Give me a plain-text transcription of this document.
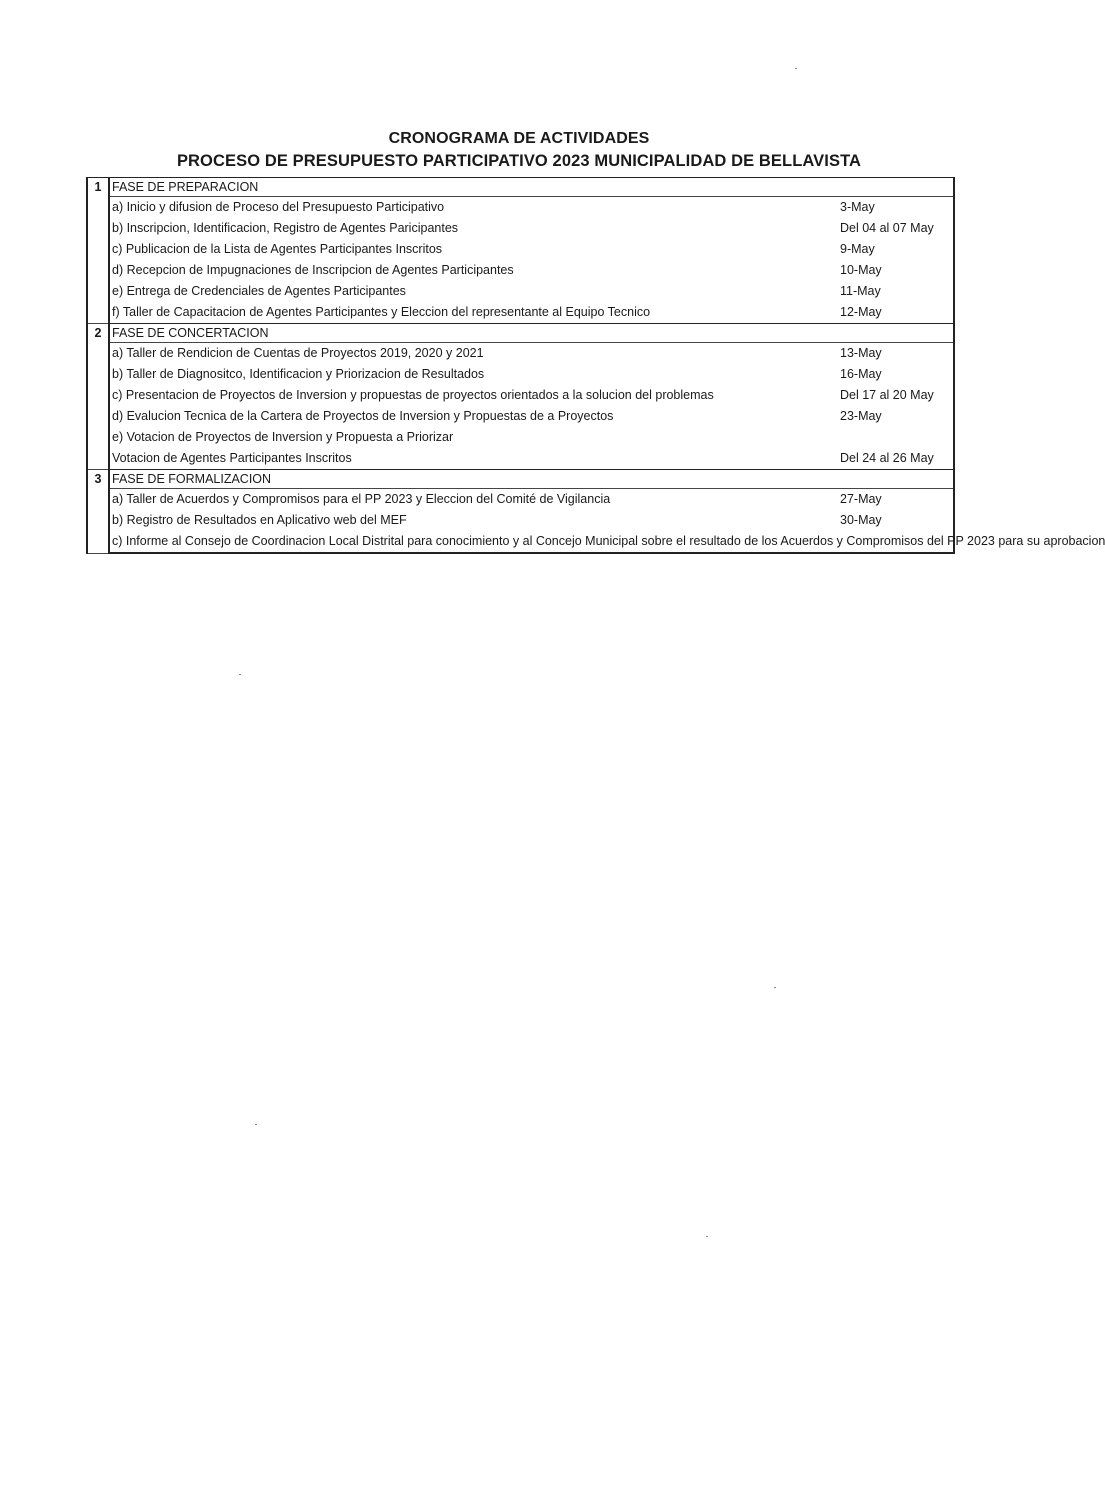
CRONOGRAMA DE ACTIVIDADES
PROCESO DE PRESUPUESTO PARTICIPATIVO 2023 MUNICIPALIDAD DE BELLAVISTA
1	FASE DE PREPARACION	
	a) Inicio y difusion de Proceso del Presupuesto Participativo	3-May
	b) Inscripcion, Identificacion, Registro de Agentes Paricipantes	Del 04 al 07 May
	c) Publicacion de la Lista de Agentes Participantes Inscritos	9-May
	d) Recepcion de Impugnaciones de Inscripcion de Agentes Participantes	10-May
	e) Entrega de Credenciales de Agentes Participantes	11-May
	f) Taller de Capacitacion de Agentes Participantes y Eleccion del representante al Equipo Tecnico	12-May
2	FASE DE CONCERTACION	
	a) Taller de Rendicion de Cuentas de Proyectos 2019, 2020 y 2021	13-May
	b) Taller de Diagnositco, Identificacion y Priorizacion de Resultados	16-May
	c) Presentacion de Proyectos de Inversion y propuestas de proyectos orientados a la solucion del problemas	Del 17 al 20 May
	d) Evalucion Tecnica de la Cartera de Proyectos de Inversion y Propuestas de a Proyectos	23-May
	e) Votacion de Proyectos de Inversion y Propuesta a Priorizar	
	Votacion de Agentes Participantes Inscritos	Del 24 al 26 May
3	FASE DE FORMALIZACION	
	a) Taller de Acuerdos y Compromisos para el PP 2023 y Eleccion del Comité de Vigilancia	27-May
	b) Registro de Resultados en Aplicativo web del MEF	30-May
	c) Informe al Consejo de Coordinacion Local Distrital para conocimiento y al Concejo Municipal sobre el resultado de los Acuerdos y Compromisos del PP 2023 para su aprobacion	
